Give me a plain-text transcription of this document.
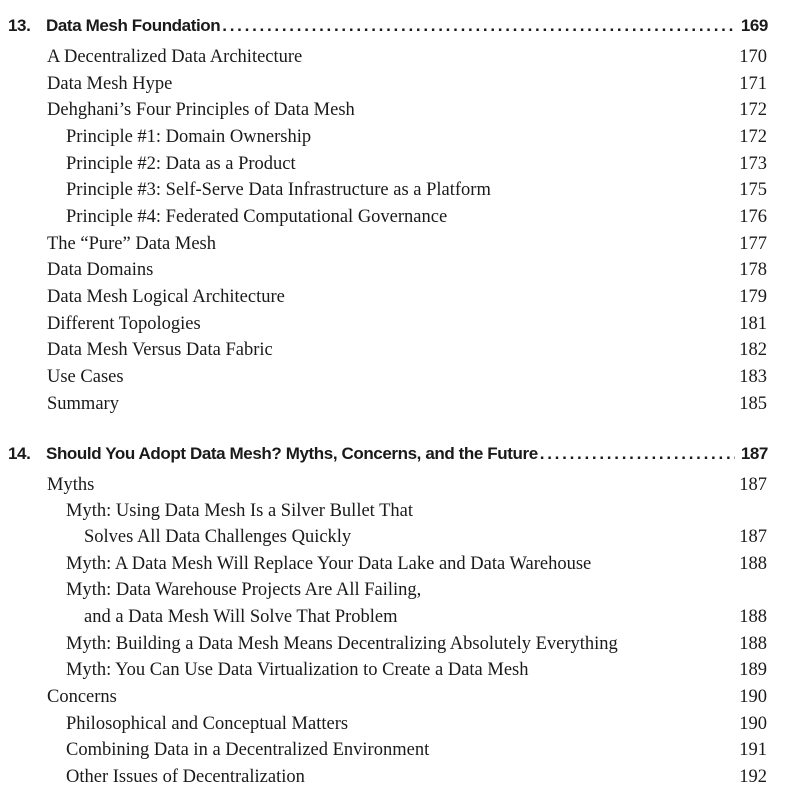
13. Data Mesh Foundation . . .	169
A Decentralized Data Architecture	170
Data Mesh Hype	171
Dehghani’s Four Principles of Data Mesh	172
Principle #1: Domain Ownership	172
Principle #2: Data as a Product	173
Principle #3: Self-Serve Data Infrastructure as a Platform	175
Principle #4: Federated Computational Governance	176
The “Pure” Data Mesh	177
Data Domains	178
Data Mesh Logical Architecture	179
Different Topologies	181
Data Mesh Versus Data Fabric	182
Use Cases	183
Summary	185
14. Should You Adopt Data Mesh? Myths, Concerns, and the Future . . .	187
Myths	187
Myth: Using Data Mesh Is a Silver Bullet That
Solves All Data Challenges Quickly	187
Myth: A Data Mesh Will Replace Your Data Lake and Data Warehouse	188
Myth: Data Warehouse Projects Are All Failing,
and a Data Mesh Will Solve That Problem	188
Myth: Building a Data Mesh Means Decentralizing Absolutely Everything	188
Myth: You Can Use Data Virtualization to Create a Data Mesh	189
Concerns	190
Philosophical and Conceptual Matters	190
Combining Data in a Decentralized Environment	191
Other Issues of Decentralization	192
